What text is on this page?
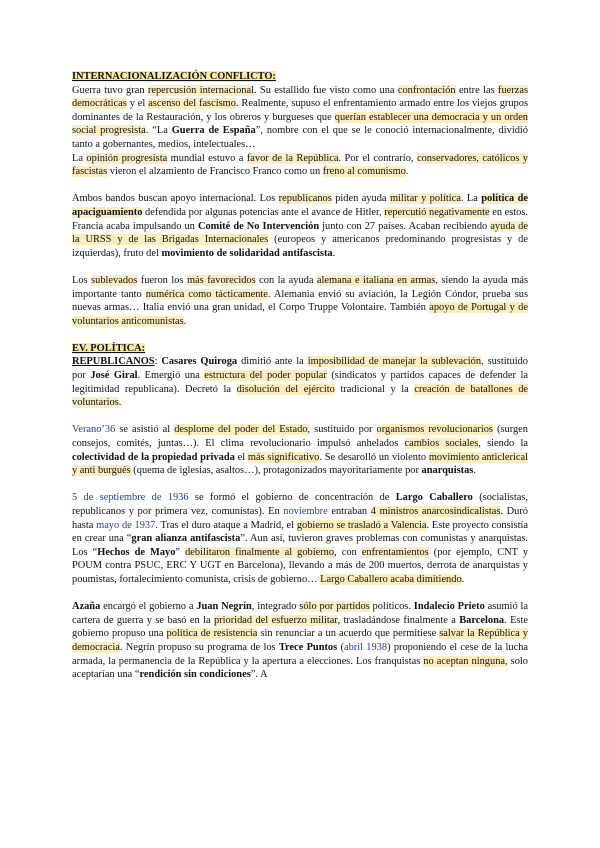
INTERNACIONALIZACIÓN CONFLICTO:

Guerra tuvo gran repercusión internacional. Su estallido fue visto como una confrontación entre las fuerzas democráticas y el ascenso del fascismo. Realmente, supuso el enfrentamiento armado entre los viejos grupos dominantes de la Restauración, y los obreros y burgueses que querían establecer una democracia y un orden social progresista. “La Guerra de España”, nombre con el que se le conoció internacionalmente, dividió tanto a gobernantes, medios, intelectuales…

La opinión progresista mundial estuvo a favor de la República. Por el contrario, conservadores, católicos y fascistas vieron el alzamiento de Francisco Franco como un freno al comunismo.

Ambos bandos buscan apoyo internacional. Los republicanos piden ayuda militar y política. La política de apaciguamiento defendida por algunas potencias ante el avance de Hitler, repercutió negativamente en estos. Francia acaba impulsando un Comité de No Intervención junto con 27 países. Acaban recibiendo ayuda de la URSS y de las Brigadas Internacionales (europeos y americanos predominando progresistas y de izquierdas), fruto del movimiento de solidaridad antifascista.

Los sublevados fueron los más favorecidos con la ayuda alemana e italiana en armas, siendo la ayuda más importante tanto numérica como tácticamente. Alemania envió su aviación, la Legión Cóndor, prueba sus nuevas armas… Italia envió una gran unidad, el Corpo Truppe Volontaire. También apoyo de Portugal y de voluntarios anticomunistas.

EV. POLÍTICA:

REPUBLICANOS: Casares Quiroga dimitió ante la imposibilidad de manejar la sublevación, sustituido por José Giral. Emergió una estructura del poder popular (sindicatos y partidos capaces de defender la legitimidad republicana). Decretó la disolución del ejército tradicional y la creación de batallones de voluntarios.

Verano’36 se asistió al desplome del poder del Estado, sustituido por organismos revolucionarios (surgen consejos, comités, juntas…). El clima revolucionario impulsó anhelados cambios sociales, siendo la colectividad de la propiedad privada el más significativo. Se desarolló un violento movimiento anticlerical y anti burgués (quema de iglesias, asaltos…), protagonizados mayoritariamente por anarquistas.

5 de septiembre de 1936 se formó el gobierno de concentración de Largo Caballero (socialistas, republicanos y por primera vez, comunistas). En noviembre entraban 4 ministros anarcosindicalistas. Duró hasta mayo de 1937. Tras el duro ataque a Madrid, el gobierno se trasladó a Valencia. Este proyecto consistía en crear una “gran alianza antifascista”. Aun así, tuvieron graves problemas con comunistas y anarquistas. Los “Hechos de Mayo” debilitaron finalmente al gobierno, con enfrentamientos (por ejemplo, CNT y POUM contra PSUC, ERC Y UGT en Barcelona), llevando a más de 200 muertos, derrota de anarquistas y poumistas, fortalecimiento comunista, crisis de gobierno… Largo Caballero acaba dimitiendo.

Azaña encargó el gobierno a Juan Negrín, integrado sólo por partidos políticos. Indalecio Prieto asumió la cartera de guerra y se basó en la prioridad del esfuerzo militar, trasladándose finalmente a Barcelona. Este gobierno propuso una política de resistencia sin renunciar a un acuerdo que permitiese salvar la República y democracia. Negrín propuso su programa de los Trece Puntos (abril 1938) proponiendo el cese de la lucha armada, la permanencia de la República y la apertura a elecciones. Los franquistas no aceptan ninguna, solo aceptarían una “rendición sin condiciones”. A
